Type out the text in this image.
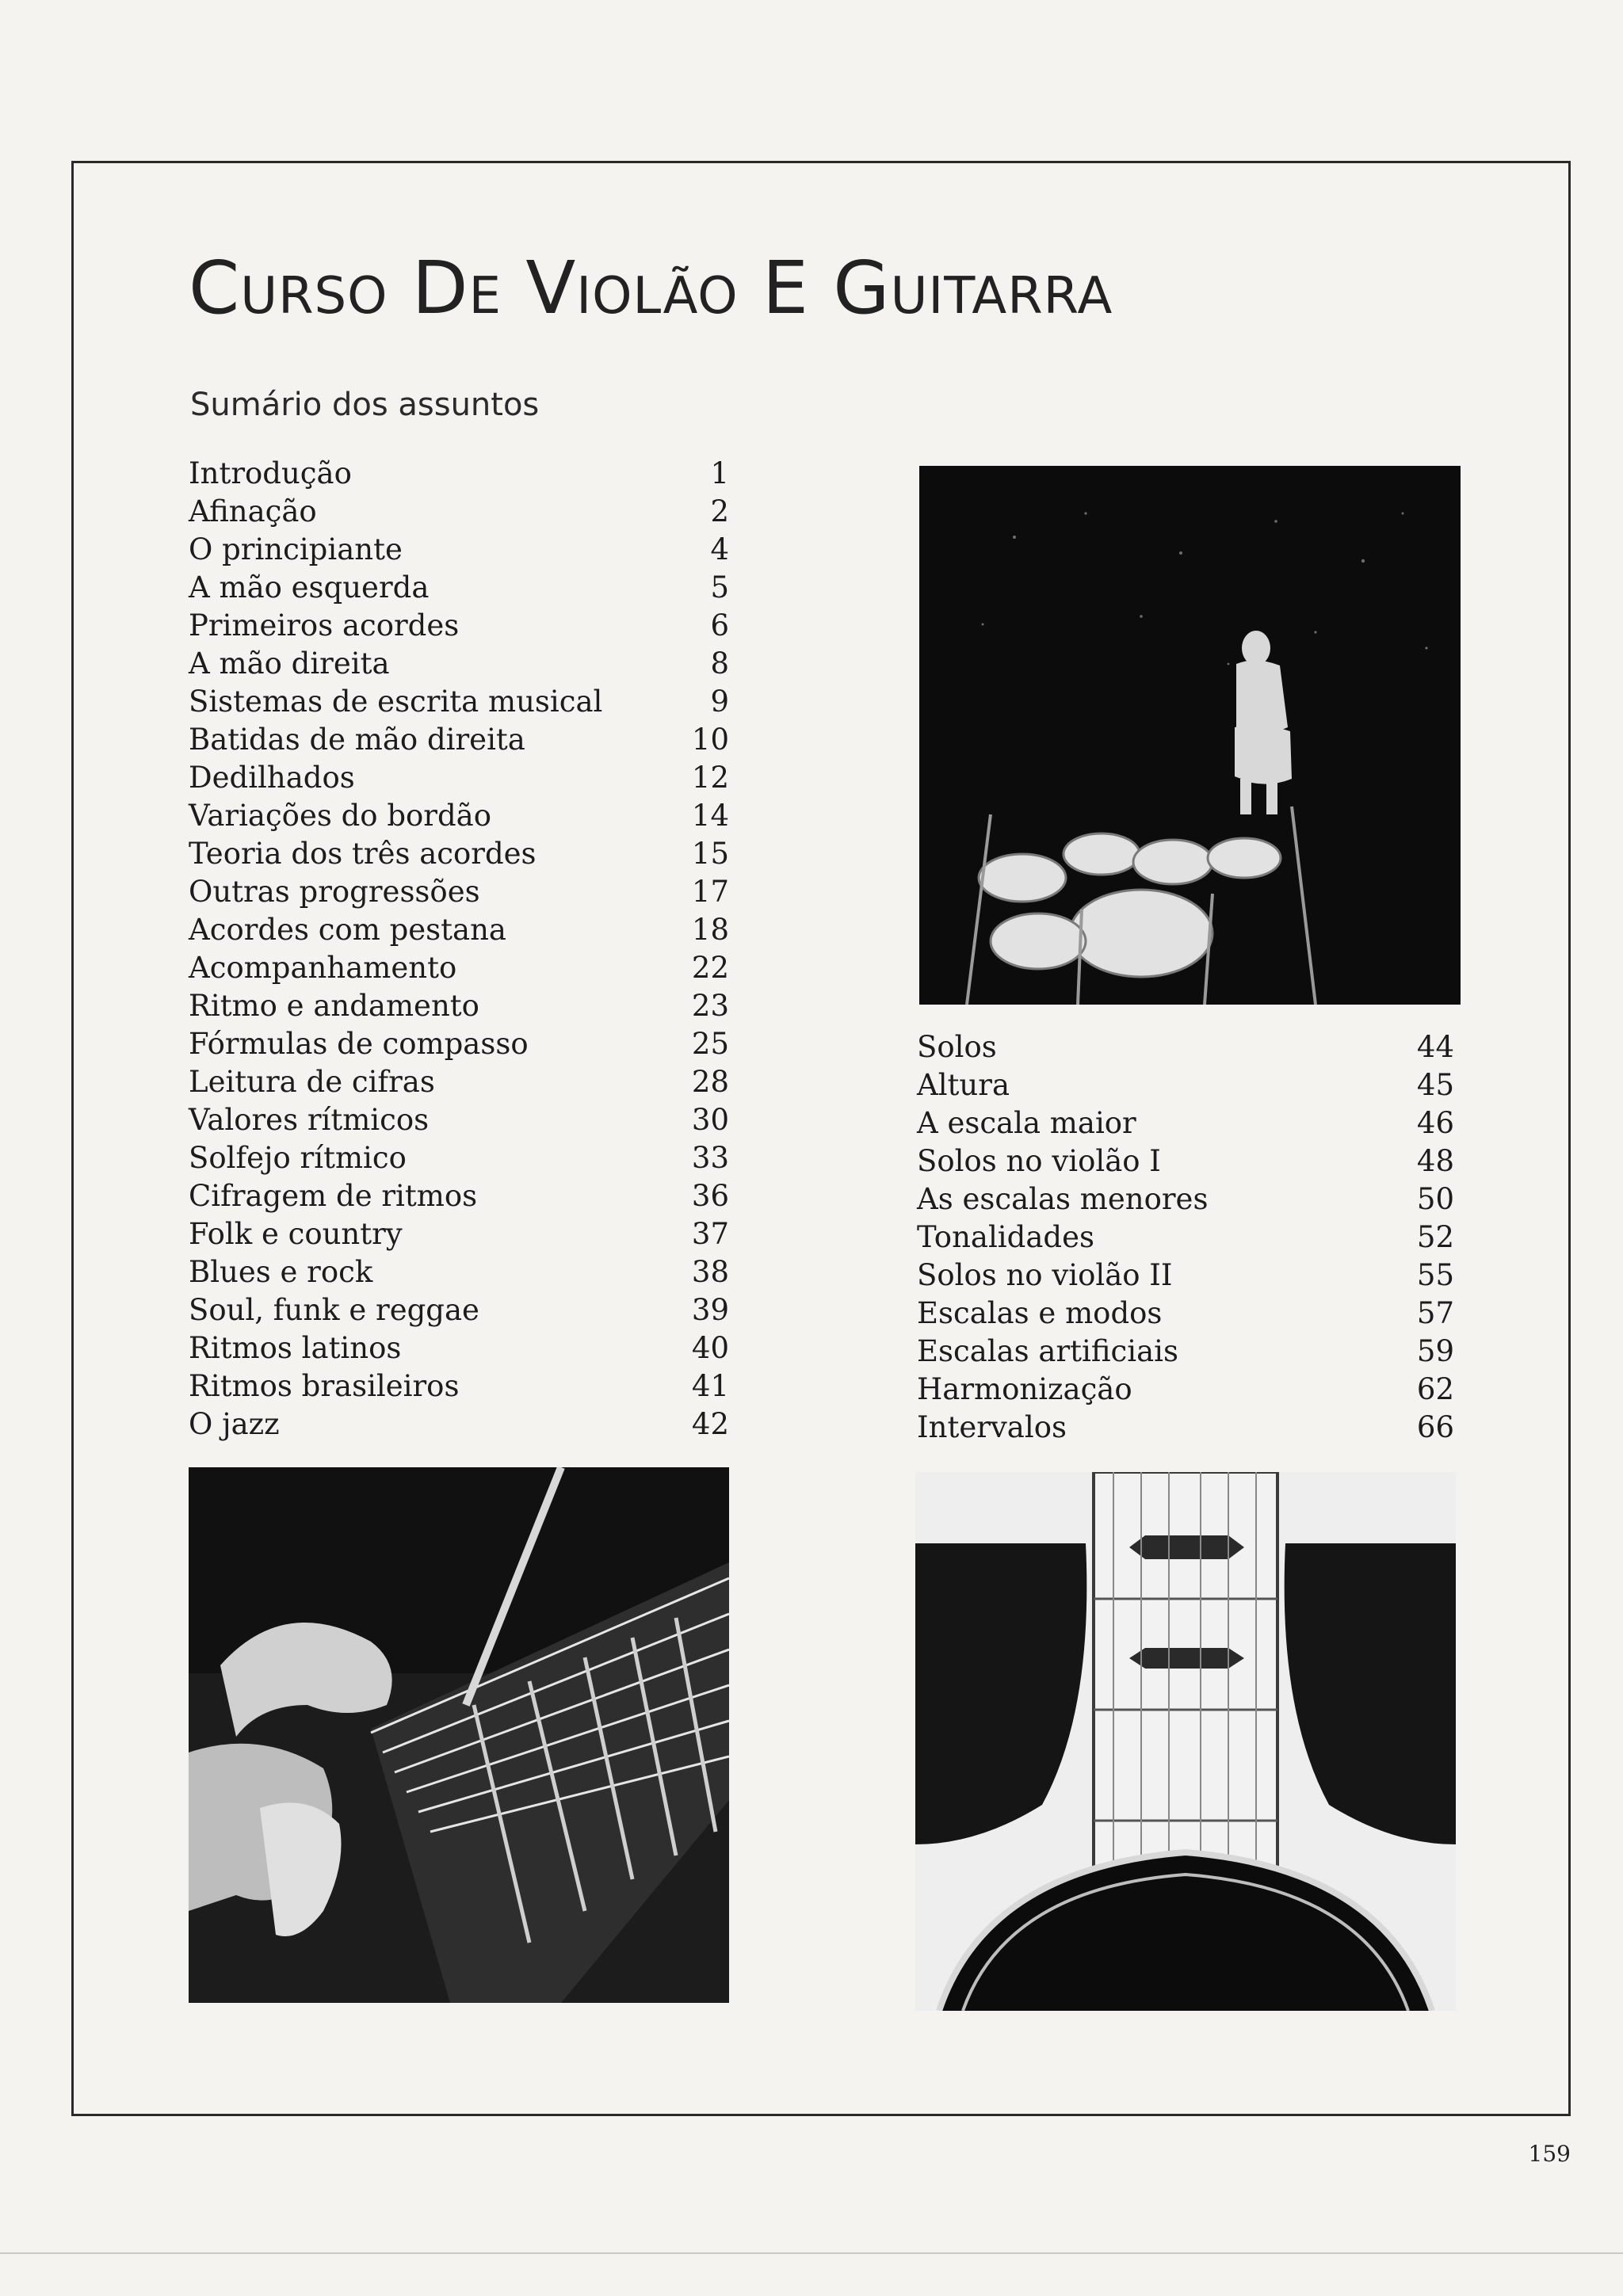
Curso De Violão E Guitarra
Sumário dos assuntos
Introdução	1
Afinação	2
O principiante	4
A mão esquerda	5
Primeiros acordes	6
A mão direita	8
Sistemas de escrita musical	9
Batidas de mão direita	10
Dedilhados	12
Variações do bordão	14
Teoria dos três acordes	15
Outras progressões	17
Acordes com pestana	18
Acompanhamento	22
Ritmo e andamento	23
Fórmulas de compasso	25
Leitura de cifras	28
Valores rítmicos	30
Solfejo rítmico	33
Cifragem de ritmos	36
Folk e country	37
Blues e rock	38
Soul, funk e reggae	39
Ritmos latinos	40
Ritmos brasileiros	41
O jazz	42
Solos	44
Altura	45
A escala maior	46
Solos no violão I	48
As escalas menores	50
Tonalidades	52
Solos no violão II	55
Escalas e modos	57
Escalas artificiais	59
Harmonização	62
Intervalos	66
159
